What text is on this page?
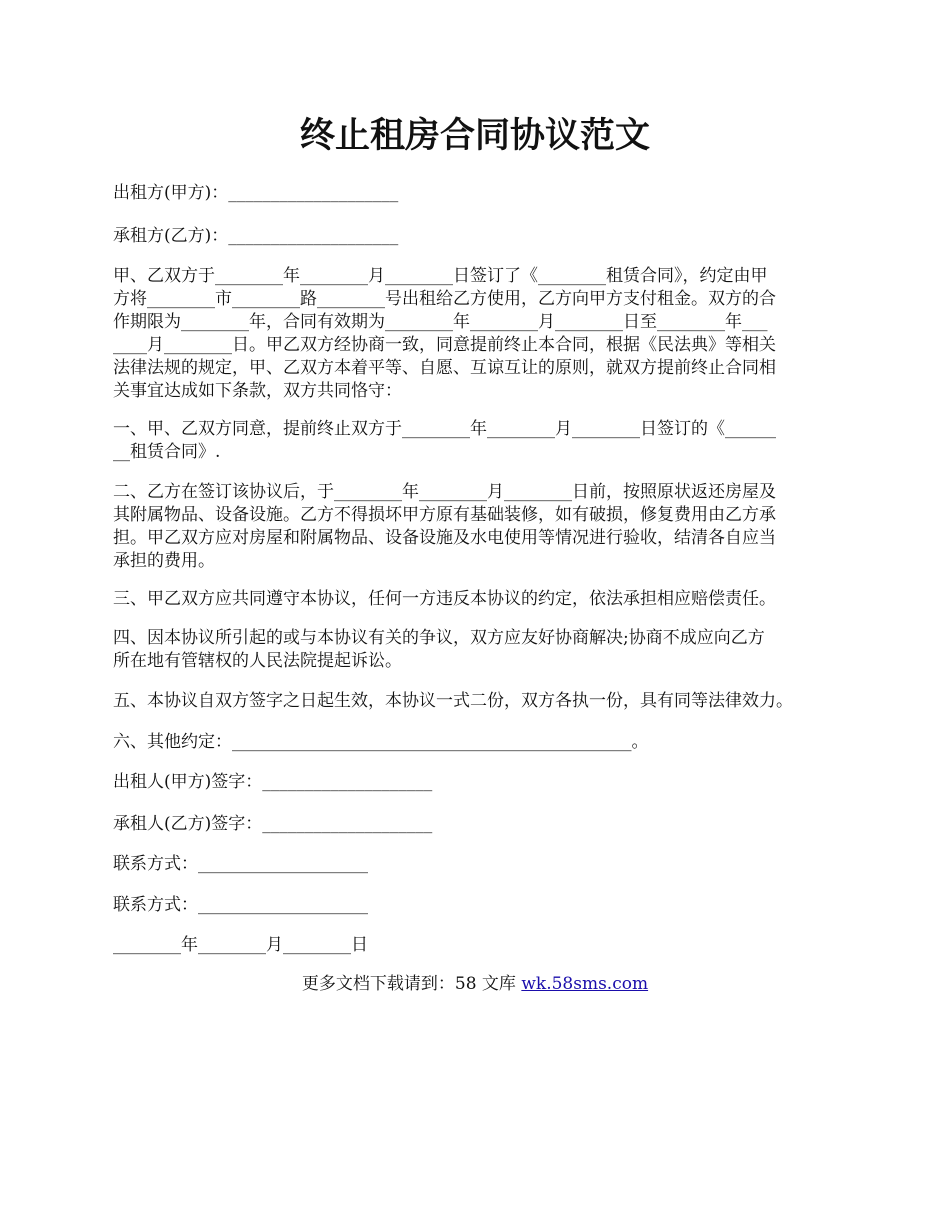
终止租房合同协议范文

出租方(甲方)：____________________

承租方(乙方)：____________________

甲、乙双方于________年________月________日签订了《________租赁合同》，约定由甲

方将________市________路________号出租给乙方使用，乙方向甲方支付租金。双方的合

作期限为________年，合同有效期为________年________月________日至________年___

____月________日。甲乙双方经协商一致，同意提前终止本合同，根据《民法典》等相关

法律法规的规定，甲、乙双方本着平等、自愿、互谅互让的原则，就双方提前终止合同相

关事宜达成如下条款，双方共同恪守：

一、甲、乙双方同意，提前终止双方于________年________月________日签订的《______

__租赁合同》.

二、乙方在签订该协议后，于________年________月________日前，按照原状返还房屋及

其附属物品、设备设施。乙方不得损坏甲方原有基础装修，如有破损，修复费用由乙方承

担。甲乙双方应对房屋和附属物品、设备设施及水电使用等情况进行验收，结清各自应当

承担的费用。

三、甲乙双方应共同遵守本协议，任何一方违反本协议的约定，依法承担相应赔偿责任。

四、因本协议所引起的或与本协议有关的争议，双方应友好协商解决;协商不成应向乙方

所在地有管辖权的人民法院提起诉讼。

五、本协议自双方签字之日起生效，本协议一式二份，双方各执一份，具有同等法律效力。

六、其他约定：_______________________________________________。

出租人(甲方)签字：____________________

承租人(乙方)签字：____________________

联系方式：____________________

联系方式：____________________

________年________月________日

更多文档下载请到：58 文库 wk.58sms.com
